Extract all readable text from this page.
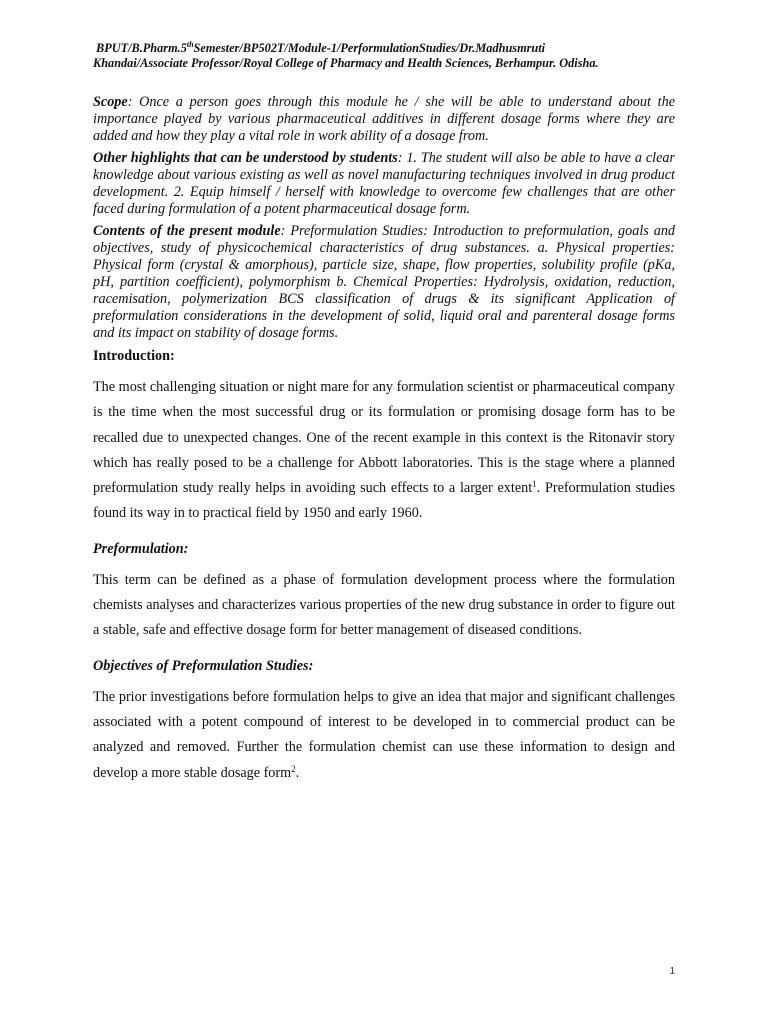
BPUT/B.Pharm.5thSemester/BP502T/Module-1/PerformulationStudies/Dr.Madhusmruti
Khandai/Associate Professor/Royal College of Pharmacy and Health Sciences, Berhampur. Odisha.

Scope: Once a person goes through this module he / she will be able to understand about the importance played by various pharmaceutical additives in different dosage forms where they are added and how they play a vital role in work ability of a dosage from.

Other highlights that can be understood by students: 1. The student will also be able to have a clear knowledge about various existing as well as novel manufacturing techniques involved in drug product development. 2. Equip himself / herself with knowledge to overcome few challenges that are other faced during formulation of a potent pharmaceutical dosage form.

Contents of the present module: Preformulation Studies: Introduction to preformulation, goals and objectives, study of physicochemical characteristics of drug substances. a. Physical properties: Physical form (crystal & amorphous), particle size, shape, flow properties, solubility profile (pKa, pH, partition coefficient), polymorphism b. Chemical Properties: Hydrolysis, oxidation, reduction, racemisation, polymerization BCS classification of drugs & its significant Application of preformulation considerations in the development of solid, liquid oral and parenteral dosage forms and its impact on stability of dosage forms.

Introduction:

The most challenging situation or night mare for any formulation scientist or pharmaceutical company is the time when the most successful drug or its formulation or promising dosage form has to be recalled due to unexpected changes. One of the recent example in this context is the Ritonavir story which has really posed to be a challenge for Abbott laboratories. This is the stage where a planned preformulation study really helps in avoiding such effects to a larger extent$^1$. Preformulation studies found its way in to practical field by 1950 and early 1960.

Preformulation:

This term can be defined as a phase of formulation development process where the formulation chemists analyses and characterizes various properties of the new drug substance in order to figure out a stable, safe and effective dosage form for better management of diseased conditions.

Objectives of Preformulation Studies:

The prior investigations before formulation helps to give an idea that major and significant challenges associated with a potent compound of interest to be developed in to commercial product can be analyzed and removed. Further the formulation chemist can use these information to design and develop a more stable dosage form$^2$.

1
